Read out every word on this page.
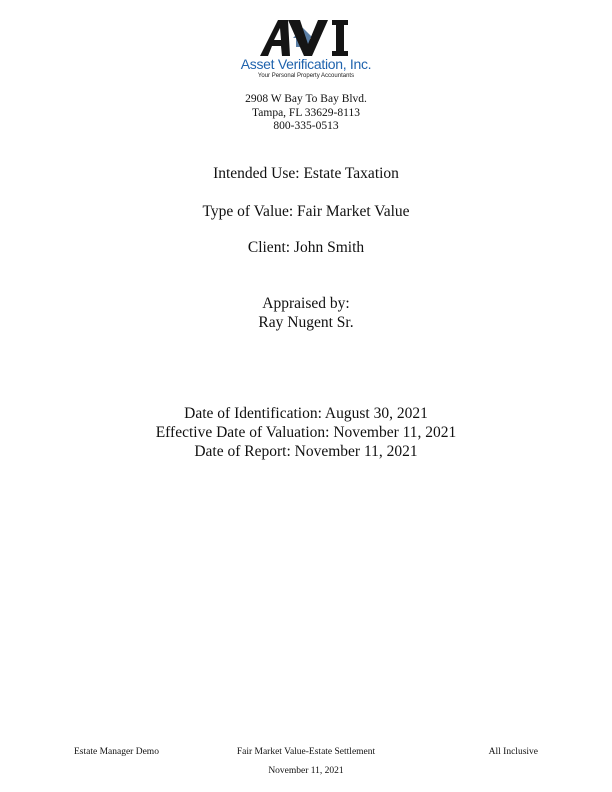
Asset Verification, Inc.
Your Personal Property Accountants
2908 W Bay To Bay Blvd.
Tampa, FL 33629-8113
800-335-0513
Intended Use: Estate Taxation
Type of Value: Fair Market Value
Client: John Smith
Appraised by:
Ray Nugent Sr.
Date of Identification: August 30, 2021
Effective Date of Valuation: November 11, 2021
Date of Report: November 11, 2021
Estate Manager Demo	Fair Market Value-Estate Settlement	All Inclusive
November 11, 2021
